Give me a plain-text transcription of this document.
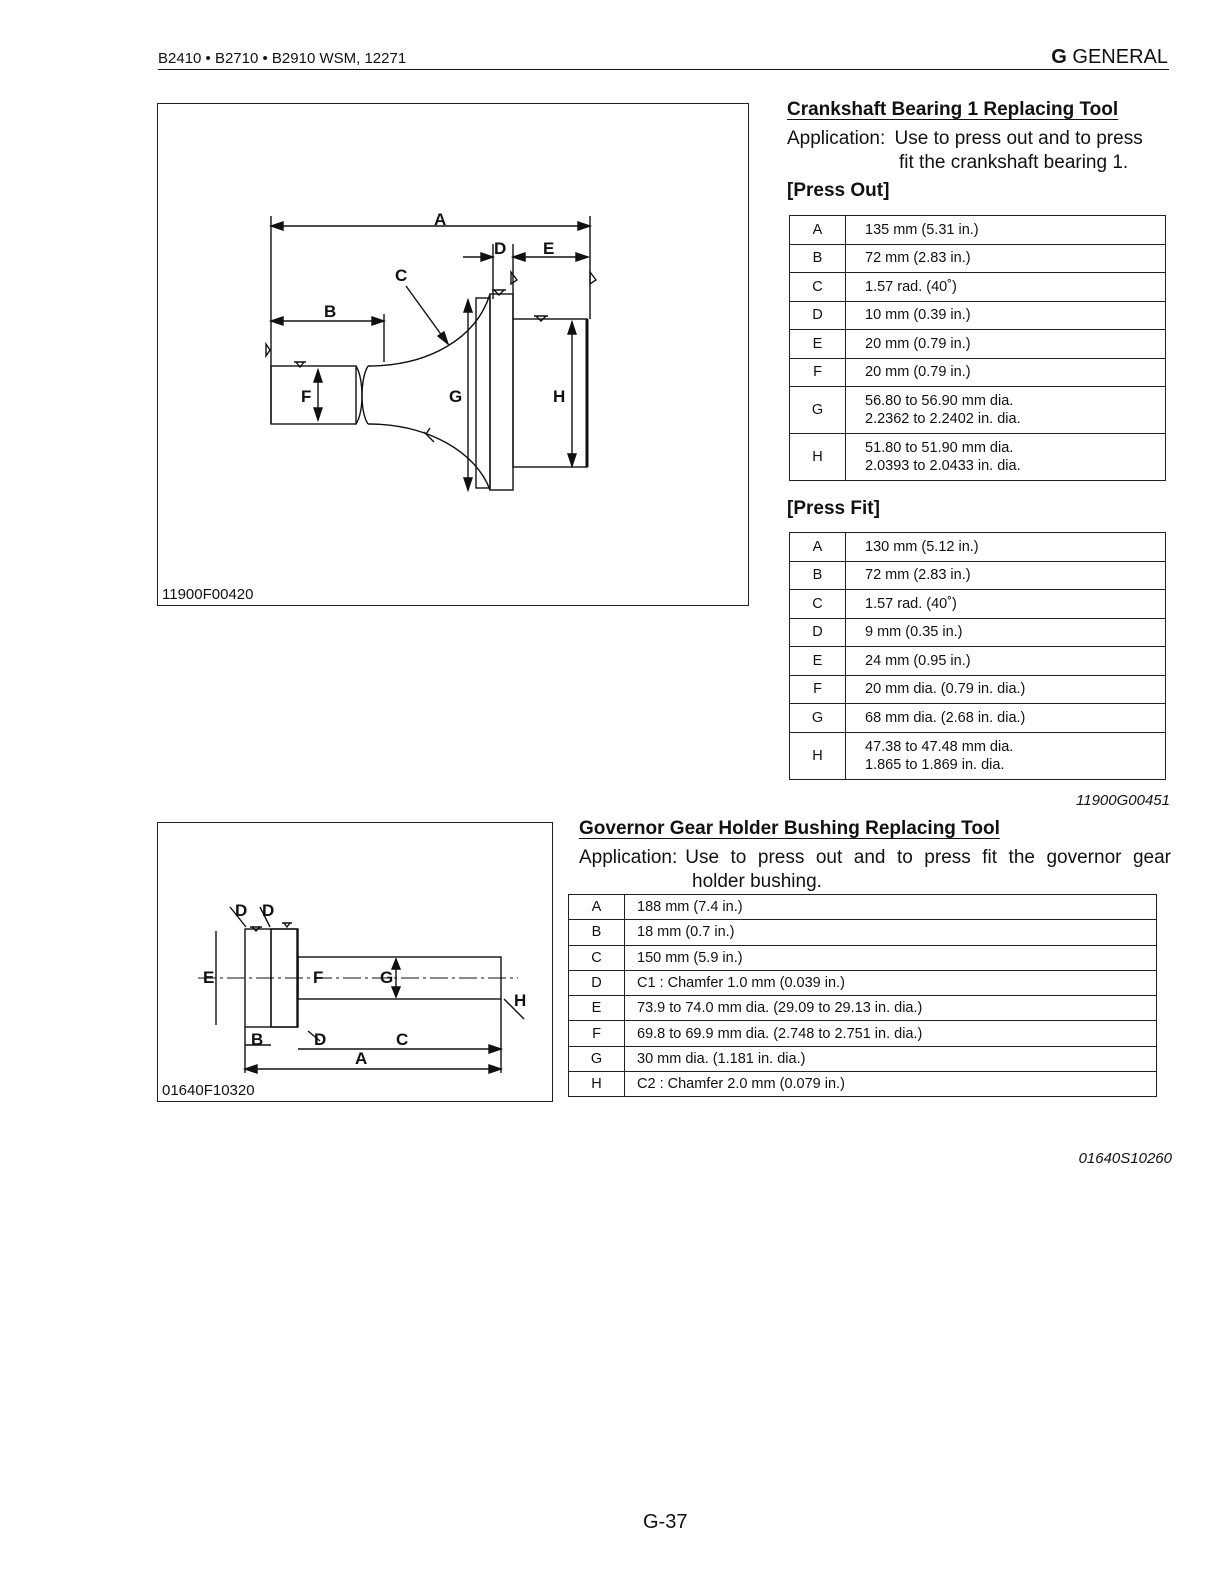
B2410 • B2710 • B2910 WSM, 12271	G GENERAL
A
D E
C
B
F	G	H
11900F00420
Crankshaft Bearing 1 Replacing Tool
Application: Use to press out and to press
fit the crankshaft bearing 1.
[Press Out]
A	135 mm (5.31 in.)

B	72 mm (2.83 in.)

C	1.57 rad. (40˚)

D	10 mm (0.39 in.)

E	20 mm (0.79 in.)

F	20 mm (0.79 in.)

G	56.80 to 56.90 mm dia.
2.2362 to 2.2402 in. dia.

H	51.80 to 51.90 mm dia.
2.0393 to 2.0433 in. dia.
[Press Fit]
A	130 mm (5.12 in.)

B	72 mm (2.83 in.)

C	1.57 rad. (40˚)

D	9 mm (0.35 in.)

E	24 mm (0.95 in.)

F	20 mm dia. (0.79 in. dia.)

G	68 mm dia. (2.68 in. dia.)

H	47.38 to 47.48 mm dia.
1.865 to 1.869 in. dia.
11900G00451
D D
E	F	G
H
B	D	C
A
01640F10320
Governor Gear Holder Bushing Replacing Tool
Application: Use to press out and to press fit the governor gear
holder bushing.
A	188 mm (7.4 in.)

B	18 mm (0.7 in.)

C	150 mm (5.9 in.)

D	C1 : Chamfer 1.0 mm (0.039 in.)

E	73.9 to 74.0 mm dia. (29.09 to 29.13 in. dia.)

F	69.8 to 69.9 mm dia. (2.748 to 2.751 in. dia.)

G	30 mm dia. (1.181 in. dia.)

H	C2 : Chamfer 2.0 mm (0.079 in.)
01640S10260
G-37
